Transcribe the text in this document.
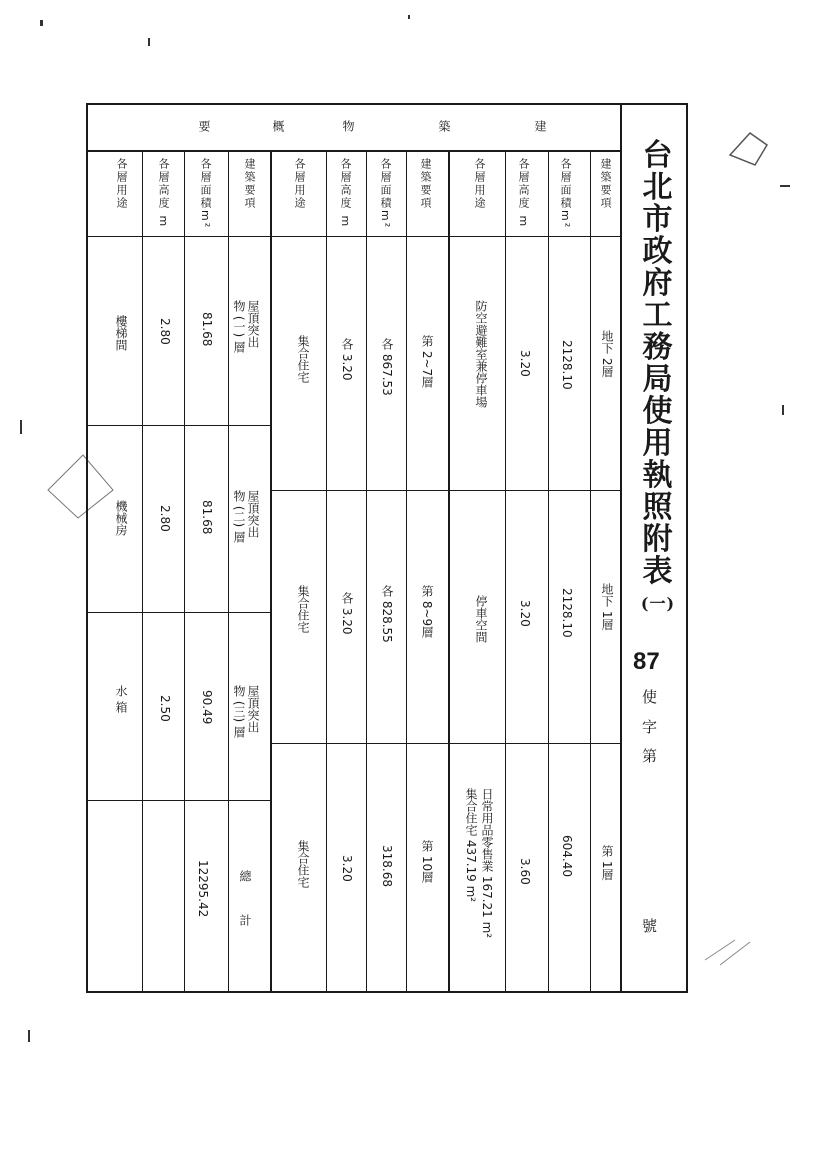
台
北
市
政
府
工
務
局
使
用
執
照
附
表
(一)
87
使
字
第
號
建
築
物
概
要
建築要項
各層面積m²
各層高度 m
各層用途
建築要項
各層面積m²
各層高度 m
各層用途
建築要項
各層面積m²
各層高度 m
各層用途
地下 2層
2128.10
3.20
防空避難室兼停車場
地下 1層
2128.10
3.20
停車空間
第 1層
604.40
3.60
日常用品零售業 167.21 m²
集合住宅 437.19 m²
第 2~7層
各 867.53
各 3.20
集合住宅
第 8~9層
各 828.55
各 3.20
集合住宅
第 10層
318.68
3.20
集合住宅
屋頂突出
物 (一) 層
81.68
2.80
樓梯間
屋頂突出
物 (二) 層
81.68
2.80
機械房
屋頂突出
物 (三) 層
90.49
2.50
水 箱
總 計
12295.42
